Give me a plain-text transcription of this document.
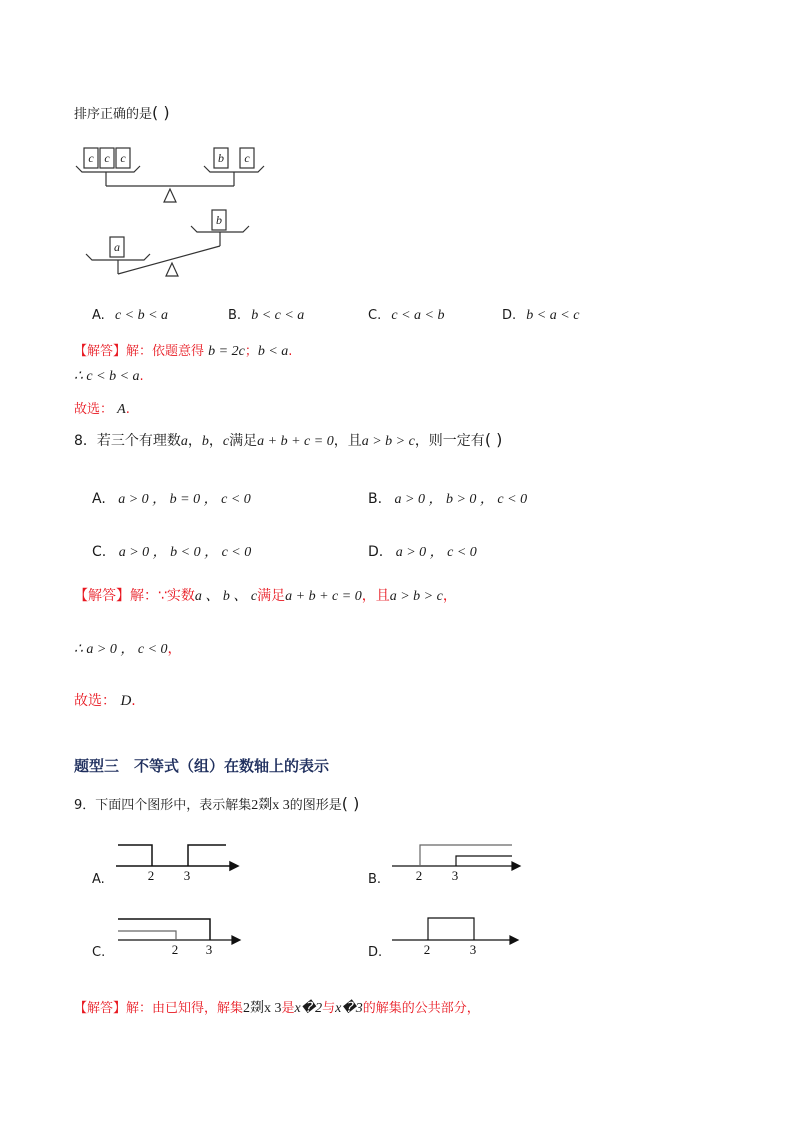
排序正确的是( )
c c c	b c
b
a
A. c < b < a	B. b < c < a	C. c < a < b	D. b < a < c
【解答】解：依题意得 b = 2c；b < a.
∴ c < b < a.
故选： A.
8．若三个有理数a，b，c满足a + b + c = 0，且a > b > c，则一定有( )
A. a > 0 ， b = 0 ， c < 0	B. a > 0 ， b > 0 ， c < 0
C. a > 0 ， b < 0 ， c < 0	D. a > 0 ， c < 0
【解答】解：∵实数a 、 b 、 c满足a + b + c = 0，且a > b > c，
∴ a > 0 ， c < 0，
故选： D.
题型三　不等式（组）在数轴上的表示
9．下面四个图形中，表示解集2剟x 3的图形是( )
A.	2 3	B.	2 3
C.	2 3	D.	2	3
【解答】解：由已知得，解集2剟x 3是x�2与x�3的解集的公共部分，
